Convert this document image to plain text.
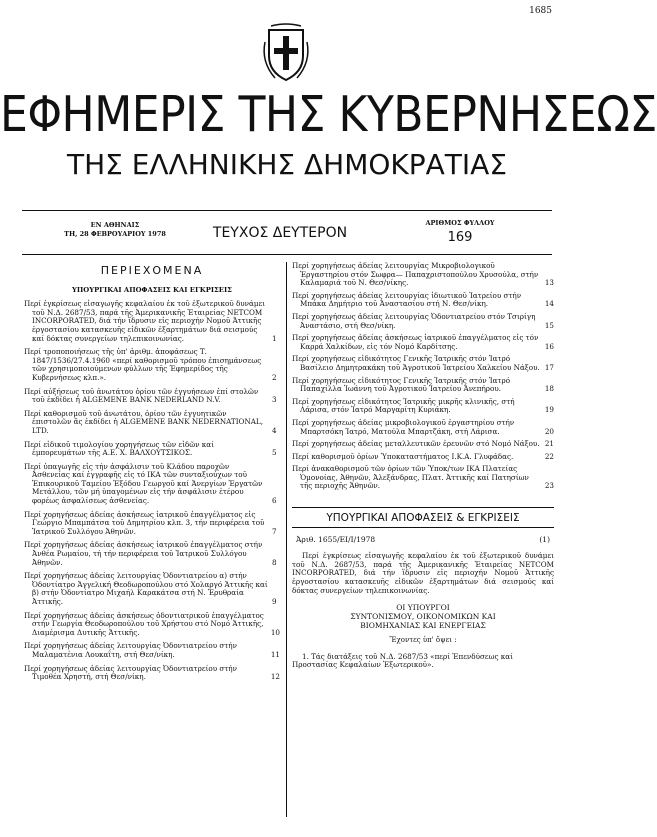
1685
ΕΦΗΜΕΡΙΣ ΤΗΣ ΚΥΒΕΡΝΗΣΕΩΣ
ΤΗΣ ΕΛΛΗΝΙΚΗΣ ΔΗΜΟΚΡΑΤΙΑΣ
ΕΝ ΑΘΗΝΑΙΣ
ΤΗ, 28 ΦΕΒΡΟΥΑΡΙΟΥ 1978	ΤΕΥΧΟΣ ΔΕΥΤΕΡΟΝ
ΑΡΙΘΜΟΣ ΦΥΛΛΟΥ
169
ΠΕΡΙΕΧΟΜΕΝΑ
ΥΠΟΥΡΓΙΚΑΙ ΑΠΟΦΑΣΕΙΣ ΚΑΙ ΕΓΚΡΙΣΕΙΣ
Περί ἐγκρίσεως εἰσαγωγῆς κεφαλαίου ἐκ τοῦ ἐξωτερικοῦ δυνάμει τοῦ Ν.Δ. 2687/53, παρά τῆς Ἀμερικανικῆς Ἑταιρείας NETCOM INCORPORATED, διά τήν ἵδρυσιν εἰς περιοχήν Νομοῦ Ἀττικῆς ἐργοστασίου κατασκευῆς εἰδικῶν ἐξαρτημάτων διά σεισμούς καί δόκτας συνεργείων τηλεπικοινωνίας.	1
Περί τροποποιήσεως τῆς ὑπ' ἀριθμ. ἀποφάσεως Τ. 1847/1536/27.4.1960 «περί καθορισμοῦ τρόπου ἐπισημάνσεως τῶν χρησιμοποιούμενων φύλλων τῆς Ἐφημερίδος τῆς Κυβερνήσεως κλπ.».	2
Περί αὐξήσεως τοῦ ἀνωτάτου ὁρίου τῶν ἐγγυήσεων ἐπί στολῶν τοῦ ἐκδίδει ἡ ALGEMENE BANK NEDERLAND N.V.	3
Περί καθορισμοῦ τοῦ ἀνωτάτου, ὁρίου τῶν ἐγγυητικῶν ἐπιστολῶν ἅς ἐκδίδει ἡ ALGEMENE BANK NEDERNATIONAL, LTD.	4
Περί εἰδικοῦ τιμολογίου χορηγήσεως τῶν εἰδῶν καί ἐμπορευμάτων τῆς Α.Ε. Χ. ΒΑΛΧΟΥΤΣΙΚΟΣ.	5
Περί ὑπαγωγῆς εἰς τήν ἀσφάλισιν τοῦ Κλάδου παροχῶν Ἀσθενείας καί ἐγγραφῆς εἰς τό ΙΚΑ τῶν συνταξιούχων τοῦ Ἐπικουρικοῦ Ταμείου Ἐξόδου Γεωργοῦ καί Ἀνεργίων Ἐργατῶν Μετάλλου, τῶν μή ὑπαγομένων εἰς τήν ἀσφάλισιν ἑτέρου φορέως ἀσφαλίσεως ἀσθενείας.	6
Περί χορηγήσεως ἀδείας ἀσκήσεως ἰατρικοῦ ἐπαγγέλματος εἰς Γεώργιο Μπαμπάτσα τοῦ Δημητρίου κλπ. 3, τήν περιφέρεια τοῦ Ἰατρικοῦ Συλλόγου Ἀθηνῶν.	7
Περί χορηγήσεως ἀδείας ἀσκήσεως ἰατρικοῦ ἐπαγγέλματος στήν Ἀνθέα Ρωμαίου, τή τήν περιφέρεια τοῦ Ἰατρικοῦ Συλλόγου Ἀθηνῶν.	8
Περί χορηγήσεως ἀδείας λειτουργίας Ὀδοντιατρείου α) στήν Ὀδοντίατρο Ἀγγελική Θεοδωροπούλου στό Χολαργό Ἀττικῆς καί β) στήν Ὀδοντίατρο Μιχαήλ Καρακάτσα στή Ν. Ἐρυθραία Ἀττικῆς.	9
Περί χορηγήσεως ἀδείας ἀσκήσεως ὀδοντιατρικοῦ ἐπαγγέλματος στήν Γεωργία Θεοδωροπούλου τοῦ Χρήστου στό Νομό Ἀττικῆς, Διαμέρισμα Δυτικῆς Ἀττικῆς.	10
Περί χορηγήσεως ἀδείας λειτουργίας Ὀδοντιατρείου στήν Μαλαματένια Λουκαΐτη, στή Θεσ/νίκη.	11
Περί χορηγήσεως ἀδείας λειτουργίας Ὀδοντιατρείου στήν Τιμοθέα Χρηστή, στή Θεσ/νίκη.	12
Περί χορηγήσεως ἀδείας λειτουργίας Μικροβιολογικοῦ Ἐργαστηρίου στόν Σωφρα— Παπαχριστοπούλου Χρυσούλα, στήν Καλαμαριά τοῦ Ν. Θεσ/νίκης.	13
Περί χορηγήσεως ἀδείας λειτουργίας ἰδιωτικοῦ Ἰατρείου στήν Μπάκα Δημήτριο τοῦ Ἀναστασίου στή Ν. Θεσ/νίκη.	14
Περί χορηγήσεως ἀδείας λειτουργίας Ὀδοντιατρείου στόν Τσιρίγη Ἀναστάσιο, στή Θεσ/νίκη.	15
Περί χορηγήσεως ἀδείας ἀσκήσεως ἰατρικοῦ ἐπαγγέλματος εἰς τόν Καρρά Χαλκίδων, εἰς τόν Νομό Καρδίτσης.	16
Περί χορηγήσεως εἰδικότητος Γενικῆς Ἰατρικῆς στόν Ἰατρό Βασίλειο Δημητρακάκη τοῦ Ἀγροτικοῦ Ἰατρείου Χαλκείου Νάξου. 17
Περί χορηγήσεως εἰδικότητος Γενικῆς Ἰατρικῆς στόν Ἰατρό Παπαχίλλα Ἰωάννη τοῦ Ἀγροτικοῦ Ἰατρείου Ἀνεπήρου.	18
Περί χορηγήσεως εἰδικότητος Ἰατρικῆς μικρῆς κλινικῆς, στή Λάρισα, στόν Ἰατρό Μαργαρίτη Κυριάκη.	19
Περί χορηγήσεως ἀδείας μικροβιολογικοῦ ἐργαστηρίου στήν Μπαρτσόκη Ἰατρό, Ματούλα Μπαρτζάκη, στή Λάρισα.	20
Περί χορηγήσεως ἀδείας μεταλλευτικῶν ἐρευνῶν στό Νομό Νάξου. 21
Περί καθορισμοῦ ὁρίων Ὑποκαταστήματος Ι.Κ.Α. Γλυφάδας.	22
Περί ἀνακαθορισμοῦ τῶν ὁρίων τῶν Ὑποκ/των ΙΚΑ Πλατείας Ὁμονοίας, Ἀθηνῶν, Ἀλεξάνδρας, Πλατ. Ἀττικῆς καί Πατησίων τῆς περιοχῆς Ἀθηνῶν.	23
ΥΠΟΥΡΓΙΚΑΙ ΑΠΟΦΑΣΕΙΣ & ΕΓΚΡΙΣΕΙΣ
Ἀριθ. 1655/ΕΙ/Ι/1978	(1)
Περί ἐγκρίσεως εἰσαγωγῆς κεφαλαίου ἐκ τοῦ ἐξωτερικοῦ δυνάμει τοῦ Ν.Δ. 2687/53, παρά τῆς Ἀμερικανικῆς Ἑταιρείας NETCOM INCORPORATED, διά τήν ἵδρυσιν εἰς περιοχήν Νομοῦ Ἀττικῆς ἐργοστασίου κατασκευῆς εἰδικῶν ἐξαρτημάτων διά σεισμούς καί δόκτας συνεργείων τηλεπικοινωνίας.
ΟΙ ΥΠΟΥΡΓΟΙ
ΣΥΝΤΟΝΙΣΜΟΥ, ΟΙΚΟΝΟΜΙΚΩΝ ΚΑΙ
ΒΙΟΜΗΧΑΝΙΑΣ ΚΑΙ ΕΝΕΡΓΕΙΑΣ
Ἔχοντες ὑπ' ὄψει :
1. Τάς διατάξεις τοῦ Ν.Δ. 2687/53 «περί Ἐπενδύσεως καί Προστασίας Κεφαλαίων Ἐξωτερικοῦ».
